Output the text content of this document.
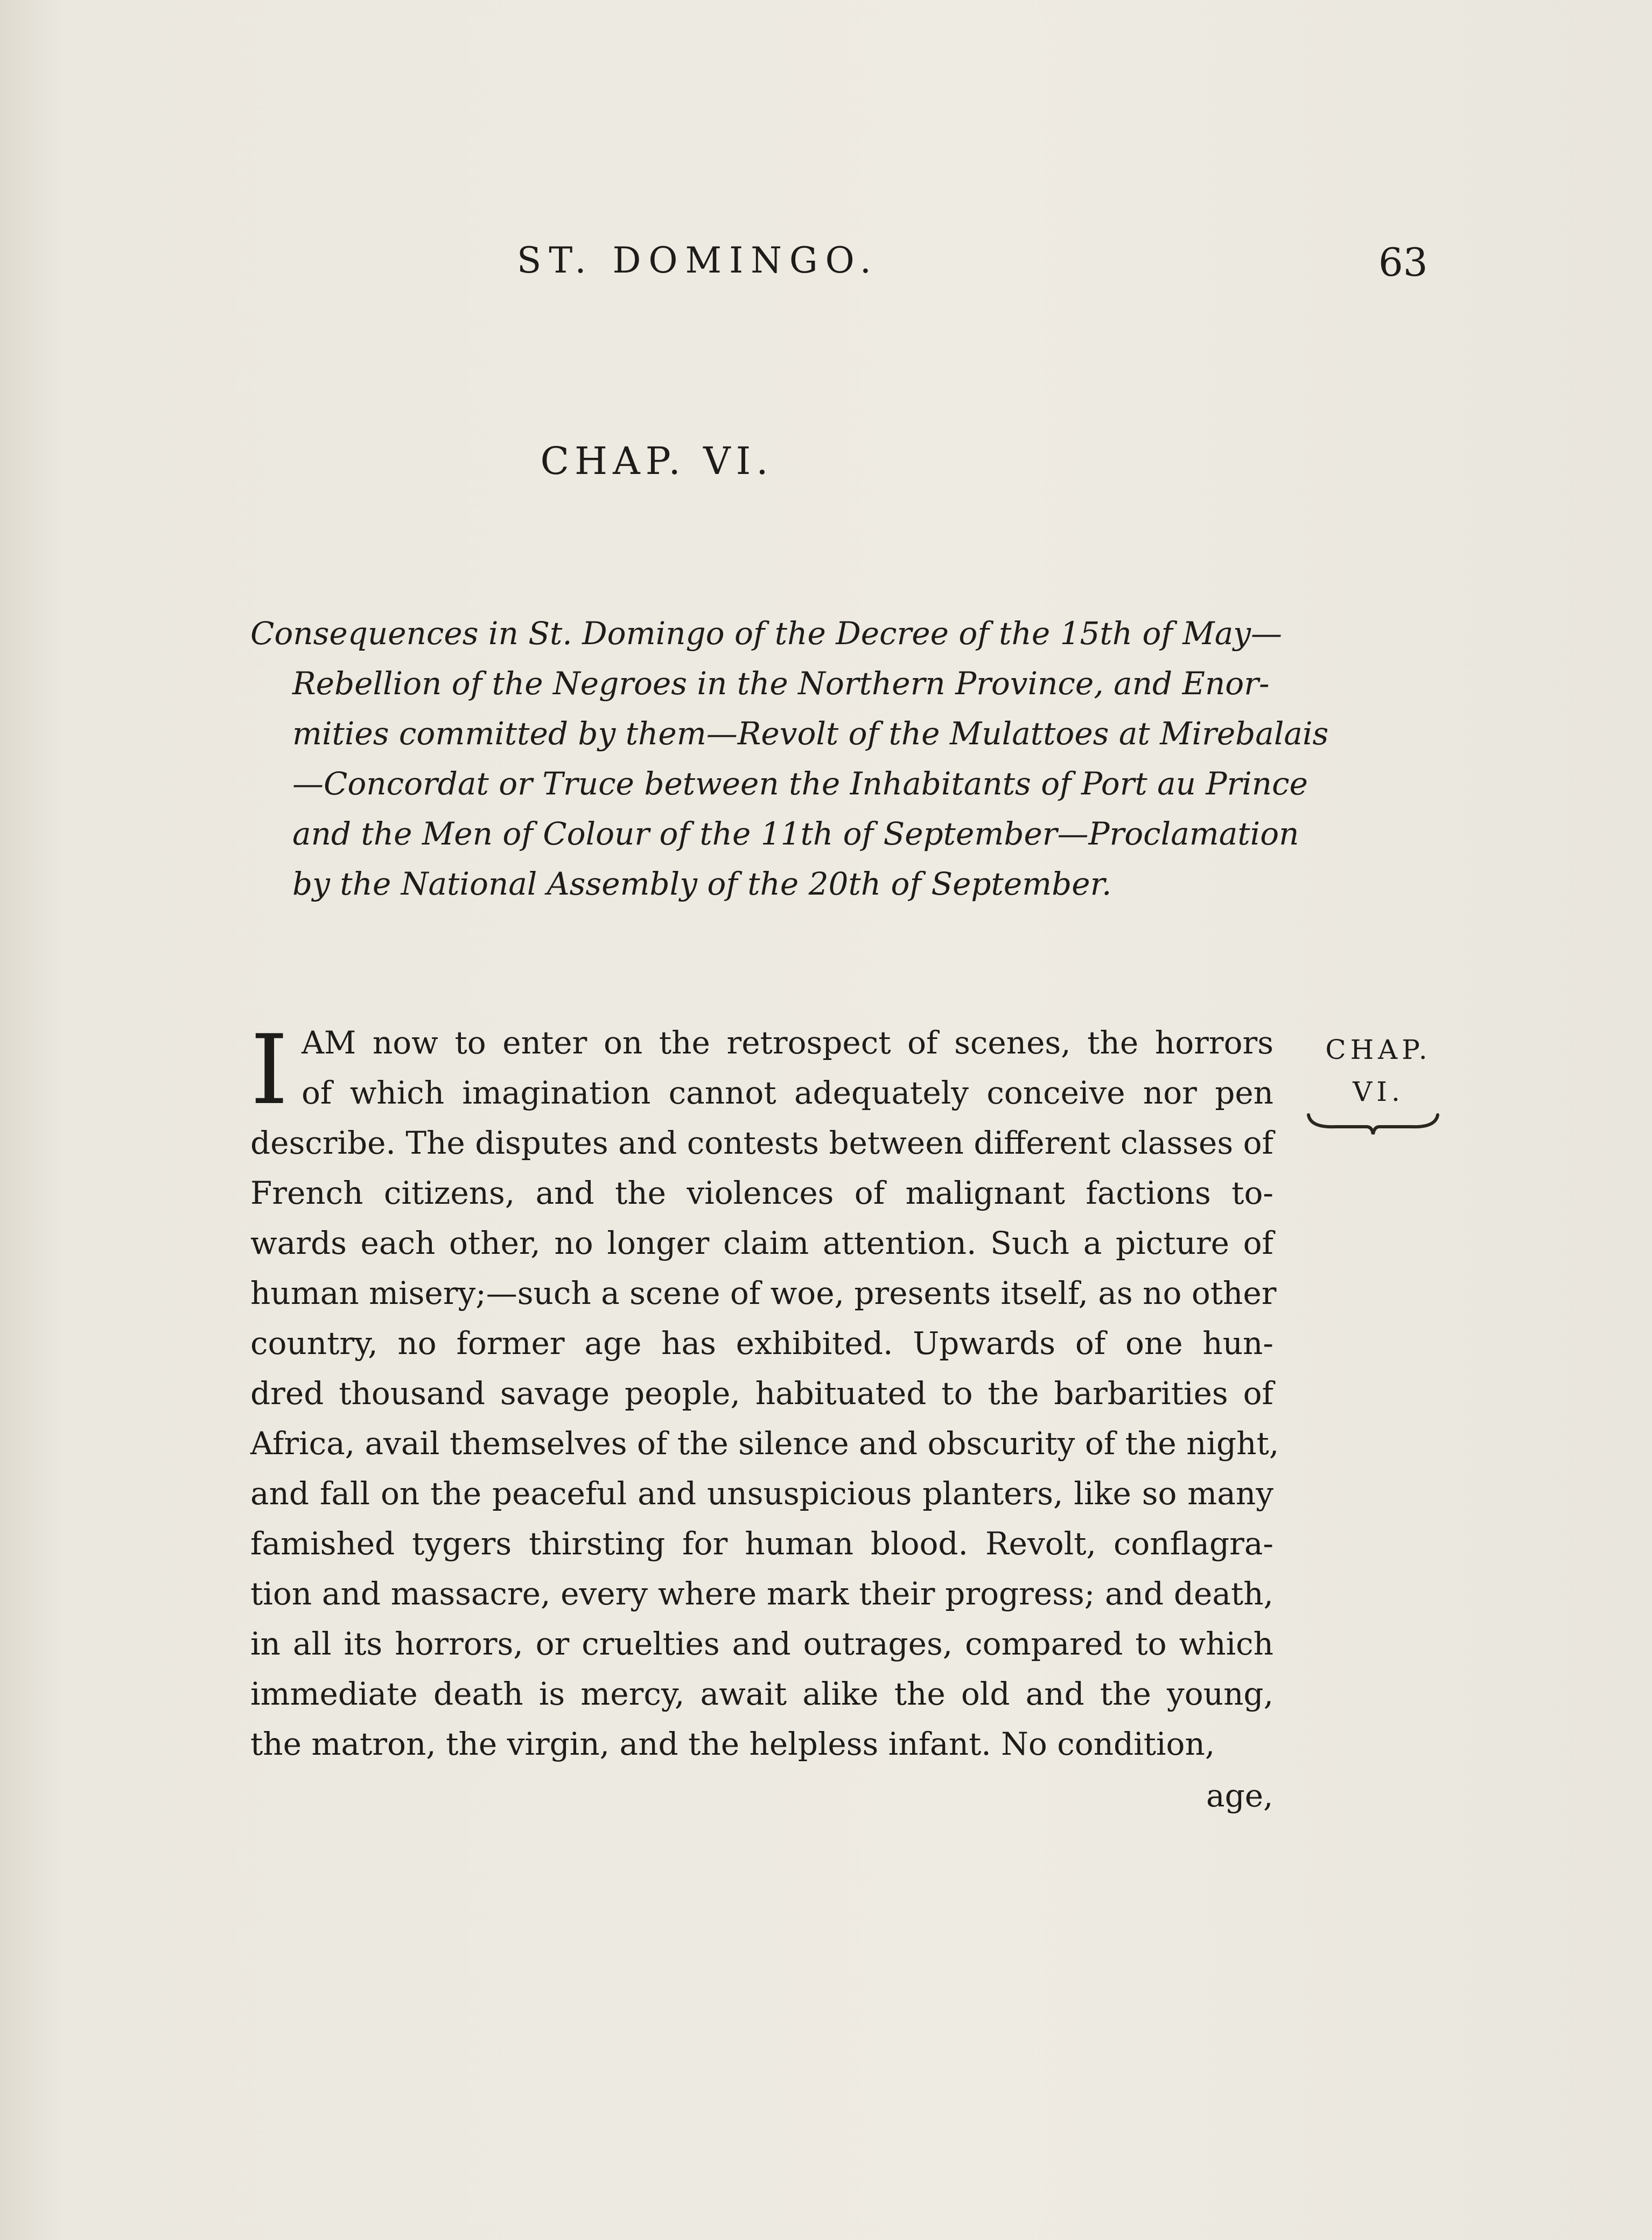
ST. DOMINGO.	63
CHAP. VI.
Consequences in St. Domingo of the Decree of the 15th of May—
Rebellion of the Negroes in the Northern Province, and Enor-
mities committed by them—Revolt of the Mulattoes at Mirebalais
—Concordat or Truce between the Inhabitants of Port au Prince
and the Men of Colour of the 11th of September—Proclamation
by the National Assembly of the 20th of September.
CHAP.
VI.
I AM now to enter on the retrospect of scenes, the horrors
of which imagination cannot adequately conceive nor pen
describe. The disputes and contests between different classes of
French citizens, and the violences of malignant factions to-
wards each other, no longer claim attention. Such a picture of
human misery;—such a scene of woe, presents itself, as no other
country, no former age has exhibited. Upwards of one hun-
dred thousand savage people, habituated to the barbarities of
Africa, avail themselves of the silence and obscurity of the night,
and fall on the peaceful and unsuspicious planters, like so many
famished tygers thirsting for human blood. Revolt, conflagra-
tion and massacre, every where mark their progress; and death,
in all its horrors, or cruelties and outrages, compared to which
immediate death is mercy, await alike the old and the young,
the matron, the virgin, and the helpless infant. No condition,
age,
